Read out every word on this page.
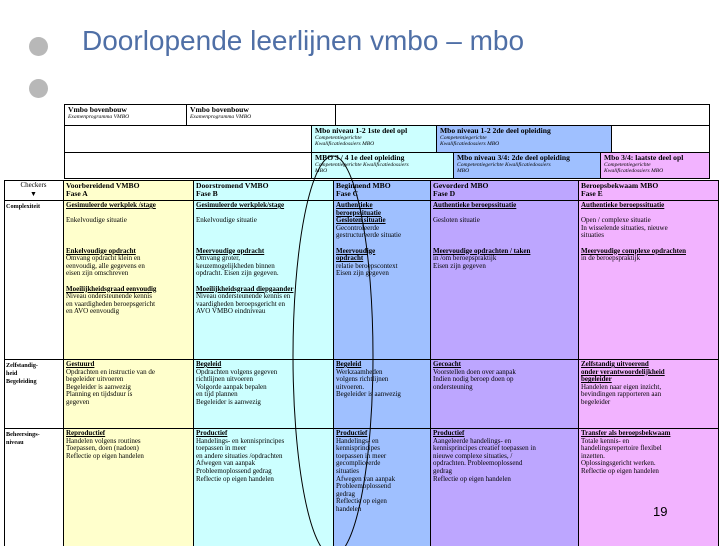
Doorlopende leerlijnen vmbo – mbo
Vmbo bovenbouw
Examenprogramma VMBO
Vmbo bovenbouw
Examenprogramma VMBO
Mbo niveau 1-2 1ste deel opl
Competentiegerichte
Kwalificatiedossiers MBO
Mbo niveau 1-2 2de deel opleiding
Competentiegerichte
Kwalificatiedossiers MBO
MBO 3 / 4 1e deel opleiding
Competentiegerichte Kwalificatiedossiers
MBO
Mbo niveau 3/4: 2de deel opleiding
Competentiegerichte Kwalificatiedossiers
MBO
Mbo 3/4: laatste deel opl
Competentiegerichte
Kwalificatiedossiers MBO
Checkers
▼
Voorbereidend VMBO
Fase A
Doorstromend VMBO
Fase B
Beginnend MBO
Fase C
Gevorderd MBO
Fase D
Beroepsbekwaam MBO
Fase E
Complexiteit
Zelfstandig-
heid
Begeleiding
Beheersings-
niveau
Gesimuleerde werkplek /stage
Enkelvoudige situatie
Enkelvoudige opdracht
Omvang opdracht klein en
eenvoudig, alle gegevens en
eisen zijn omschreven
Moeilijkheidsgraad eenvoudig
Niveau ondersteunende kennis
en vaardigheden beroepsgericht
en AVO eenvoudig
Gesimuleerde werkplek/stage
Enkelvoudige situatie
Meervoudige opdracht
Omvang groter,
keuzemogelijkheden binnen
opdracht. Eisen zijn gegeven.
Moeilijkheidsgraad diepgaander
Niveau ondersteunende kennis en
vaardigheden beroepsgericht en
AVO VMBO eindniveau
Authentieke
beroepssituatie
Gesloten situatie
Gecontroleerde
gestructureerde situatie
Meervoudige
opdracht
relatie beroepscontext
Eisen zijn gegeven
Authentieke beroepssituatie
Gesloten situatie
Meervoudige opdrachten / taken
in /om beroepspraktijk
Eisen zijn gegeven
Authentieke beroepssituatie
Open / complexe situatie
In wisselende situaties, nieuwe
situaties
Meervoudige complexe opdrachten
in de beroepspraktijk
Gestuurd
Opdrachten en instructie van de
begeleider uitvoeren
Begeleider is aanwezig
Planning en tijdsduur is
gegeven
Begeleid
Opdrachten volgens gegeven
richtlijnen uitvoeren
Volgorde aanpak bepalen
en tijd plannen
Begeleider is aanwezig
Begeleid
Werkzaamheden
volgens richtlijnen
uitvoeren.
Begeleider is aanwezig
Gecoacht
Voorstellen doen over aanpak
Indien nodig beroep doen op
ondersteuning
Zelfstandig uitvoerend
onder verantwoordelijkheid
begeleider
Handelen naar eigen inzicht,
bevindingen rapporteren aan
begeleider
Reproductief
Handelen volgens routines
Toepassen, doen (nadoen)
Reflectie op eigen handelen
Productief
Handelings- en kennisprincipes
toepassen in meer
en andere situaties /opdrachten
Afwegen van aanpak
Probleemoplossend gedrag
Reflectie op eigen handelen
Productief
Handelings- en
kennisprincipes
toepassen in meer
gecompliceerde
situaties
Afwegen van aanpak
Probleemoplossend
gedrag
Reflectie op eigen
handelen
Productief
Aangeleerde handelings- en
kennisprincipes creatief toepassen in
nieuwe complexe situaties, /
opdrachten. Probleemoplossend
gedrag
Reflectie op eigen handelen
Transfer als beroepsbekwaam
Totale kennis- en
handelingsrepertoire flexibel
inzetten.
Oplossingsgericht werken.
Reflectie op eigen handelen
19
